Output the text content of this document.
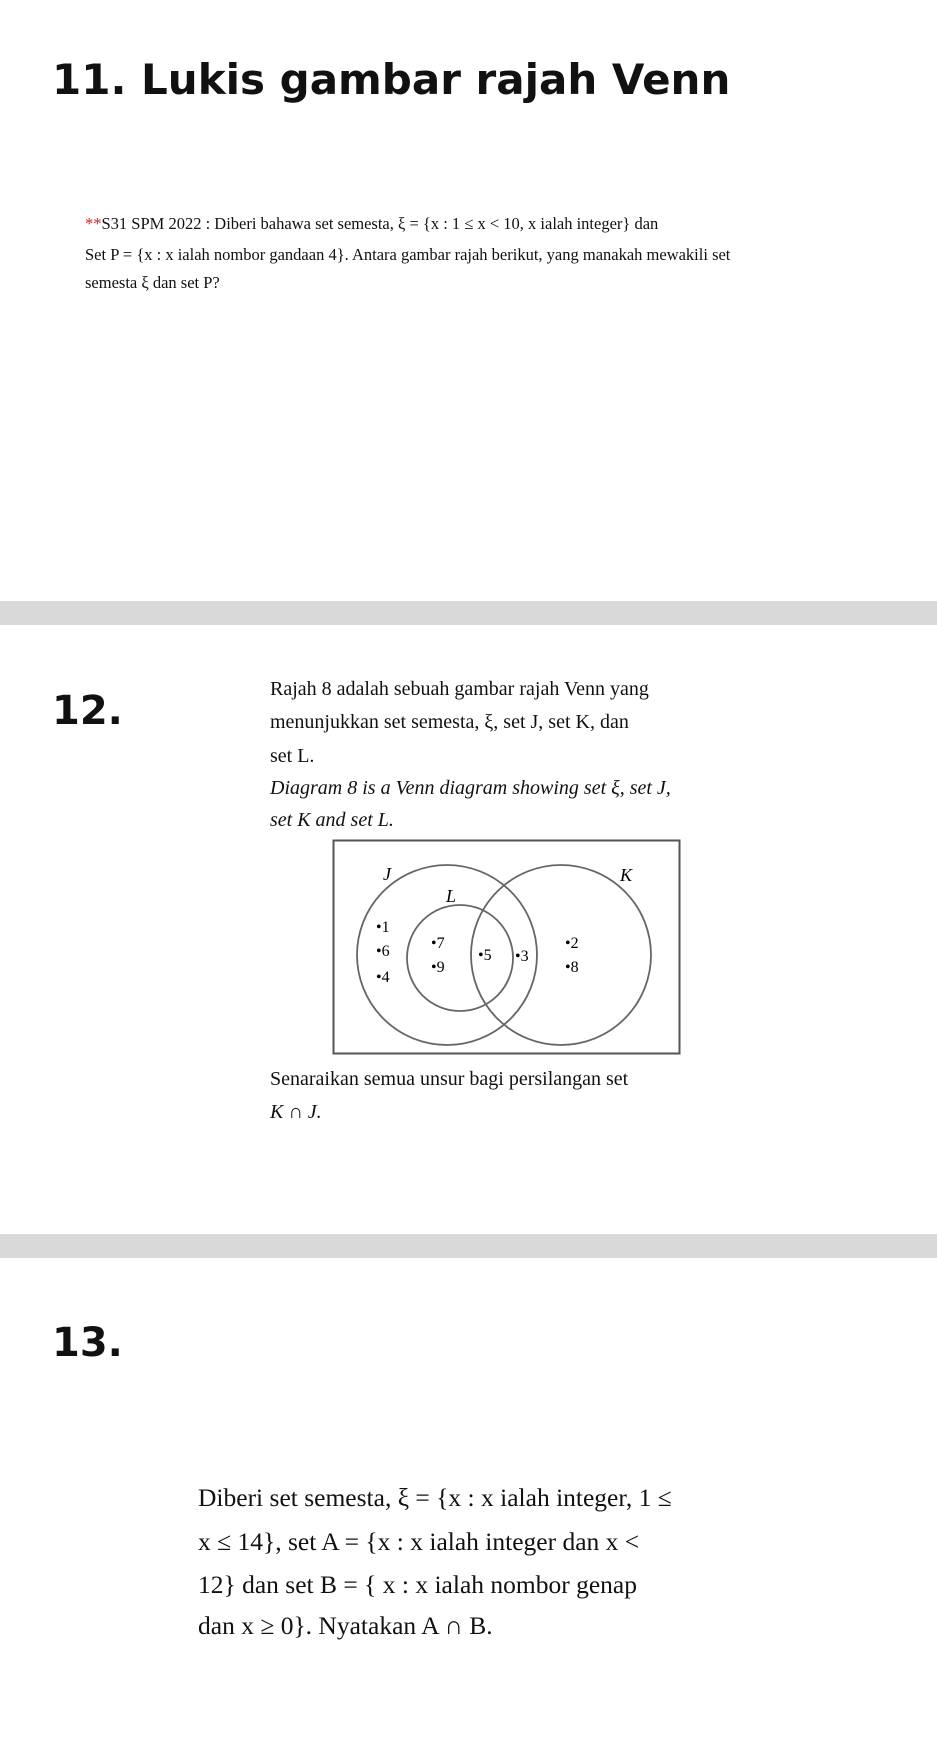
11. Lukis gambar rajah Venn
**S31 SPM 2022 : Diberi bahawa set semesta, ξ = {x : 1 ≤ x < 10, x ialah integer} dan
Set P = {x : x ialah nombor gandaan 4}. Antara gambar rajah berikut, yang manakah mewakili set
semesta ξ dan set P?
12.	Rajah 8 adalah sebuah gambar rajah Venn yang
menunjukkan set semesta, ξ, set J, set K, dan
set L.
Diagram 8 is a Venn diagram showing set ξ, set J,
set K and set L.
J	K
L
•1
•6
•4
•7
•9
•5 •3
•2
•8
Senaraikan semua unsur bagi persilangan set
K ∩ J.
13.
Diberi set semesta, ξ = {x : x ialah integer, 1 ≤
x ≤ 14}, set A = {x : x ialah integer dan x <
12} dan set B = { x : x ialah nombor genap
dan x ≥ 0}. Nyatakan A ∩ B.
